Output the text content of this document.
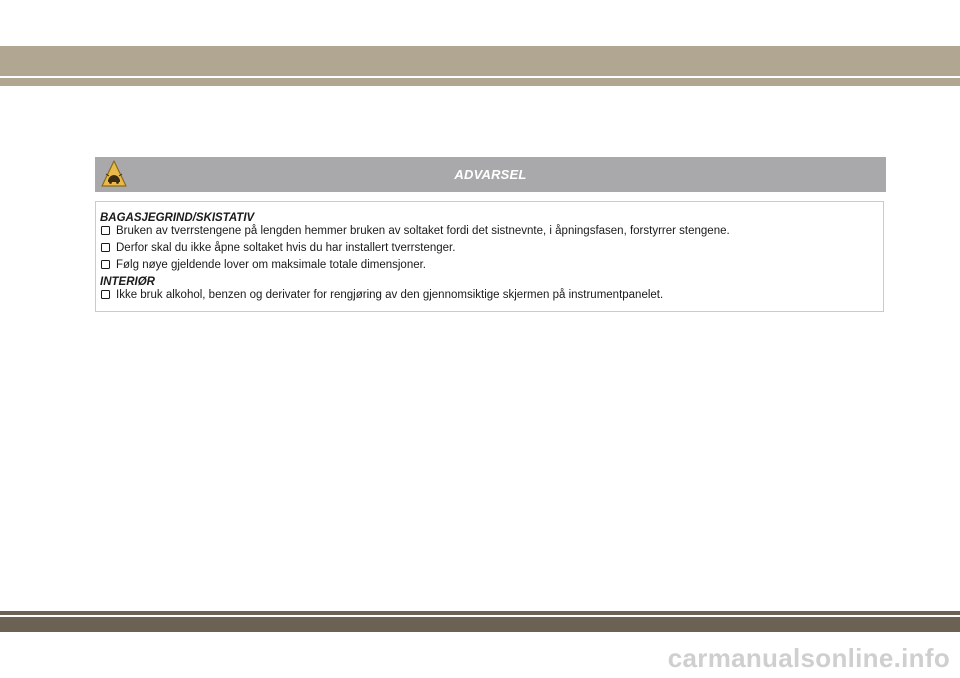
ADVARSEL
BAGASJEGRIND/SKISTATIV
Bruken av tverrstengene på lengden hemmer bruken av soltaket fordi det sistnevnte, i åpningsfasen, forstyrrer stengene.
Derfor skal du ikke åpne soltaket hvis du har installert tverrstenger.
Følg nøye gjeldende lover om maksimale totale dimensjoner.
INTERIØR
Ikke bruk alkohol, benzen og derivater for rengjøring av den gjennomsiktige skjermen på instrumentpanelet.
carmanualsonline.info
